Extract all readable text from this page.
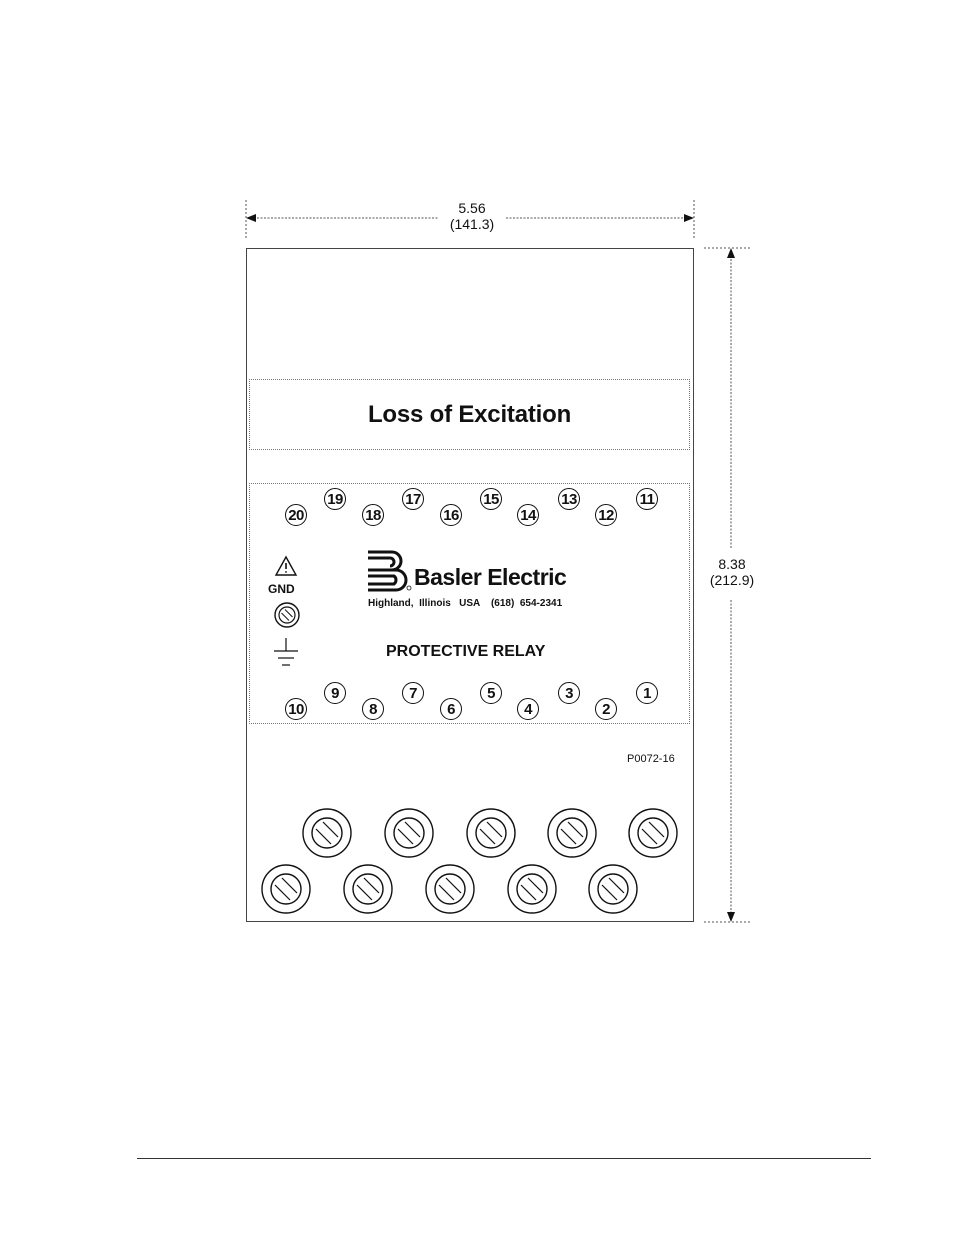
5.56
(141.3)
8.38
(212.9)
Loss of Excitation
20
19
18
17
16
15
14
13
12
11
10
9
8
7
6
5
4
3
2
1
GND	Basler Electric
Highland,  Illinois   USA    (618)  654-2341
PROTECTIVE RELAY
P0072-16
